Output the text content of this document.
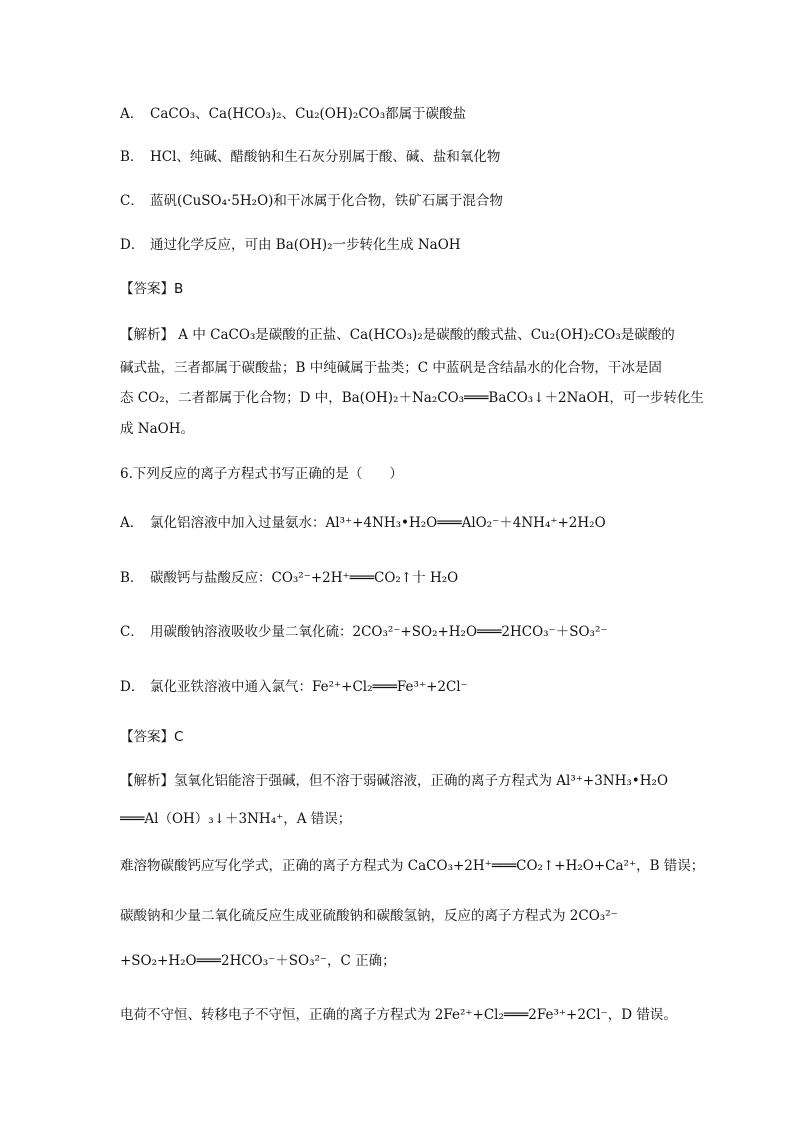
A． CaCO₃、Ca(HCO₃)₂、Cu₂(OH)₂CO₃都属于碳酸盐
B． HCl、纯碱、醋酸钠和生石灰分别属于酸、碱、盐和氧化物
C． 蓝矾(CuSO₄·5H₂O)和干冰属于化合物，铁矿石属于混合物
D． 通过化学反应，可由 Ba(OH)₂一步转化生成 NaOH
【答案】B
【解析】 A 中 CaCO₃是碳酸的正盐、Ca(HCO₃)₂是碳酸的酸式盐、Cu₂(OH)₂CO₃是碳酸的
碱式盐，三者都属于碳酸盐；B 中纯碱属于盐类；C 中蓝矾是含结晶水的化合物，干冰是固
态 CO₂，二者都属于化合物；D 中，Ba(OH)₂＋Na₂CO₃═══BaCO₃↓＋2NaOH，可一步转化生
成 NaOH。
6.下列反应的离子方程式书写正确的是（　　）
A． 氯化铝溶液中加入过量氨水：Al³⁺+4NH₃•H₂O═══AlO₂⁻＋4NH₄⁺+2H₂O
B． 碳酸钙与盐酸反应：CO₃²⁻+2H⁺═══CO₂↑十 H₂O
C． 用碳酸钠溶液吸收少量二氧化硫：2CO₃²⁻+SO₂+H₂O═══2HCO₃⁻＋SO₃²⁻
D． 氯化亚铁溶液中通入氯气：Fe²⁺+Cl₂═══Fe³⁺+2Cl⁻
【答案】C
【解析】氢氧化铝能溶于强碱，但不溶于弱碱溶液，正确的离子方程式为 Al³⁺+3NH₃•H₂O
═══Al（OH）₃↓＋3NH₄⁺，A 错误；
难溶物碳酸钙应写化学式，正确的离子方程式为 CaCO₃+2H⁺═══CO₂↑+H₂O+Ca²⁺，B 错误；
碳酸钠和少量二氧化硫反应生成亚硫酸钠和碳酸氢钠，反应的离子方程式为 2CO₃²⁻
+SO₂+H₂O═══2HCO₃⁻＋SO₃²⁻，C 正确；
电荷不守恒、转移电子不守恒，正确的离子方程式为 2Fe²⁺+Cl₂═══2Fe³⁺+2Cl⁻，D 错误。
